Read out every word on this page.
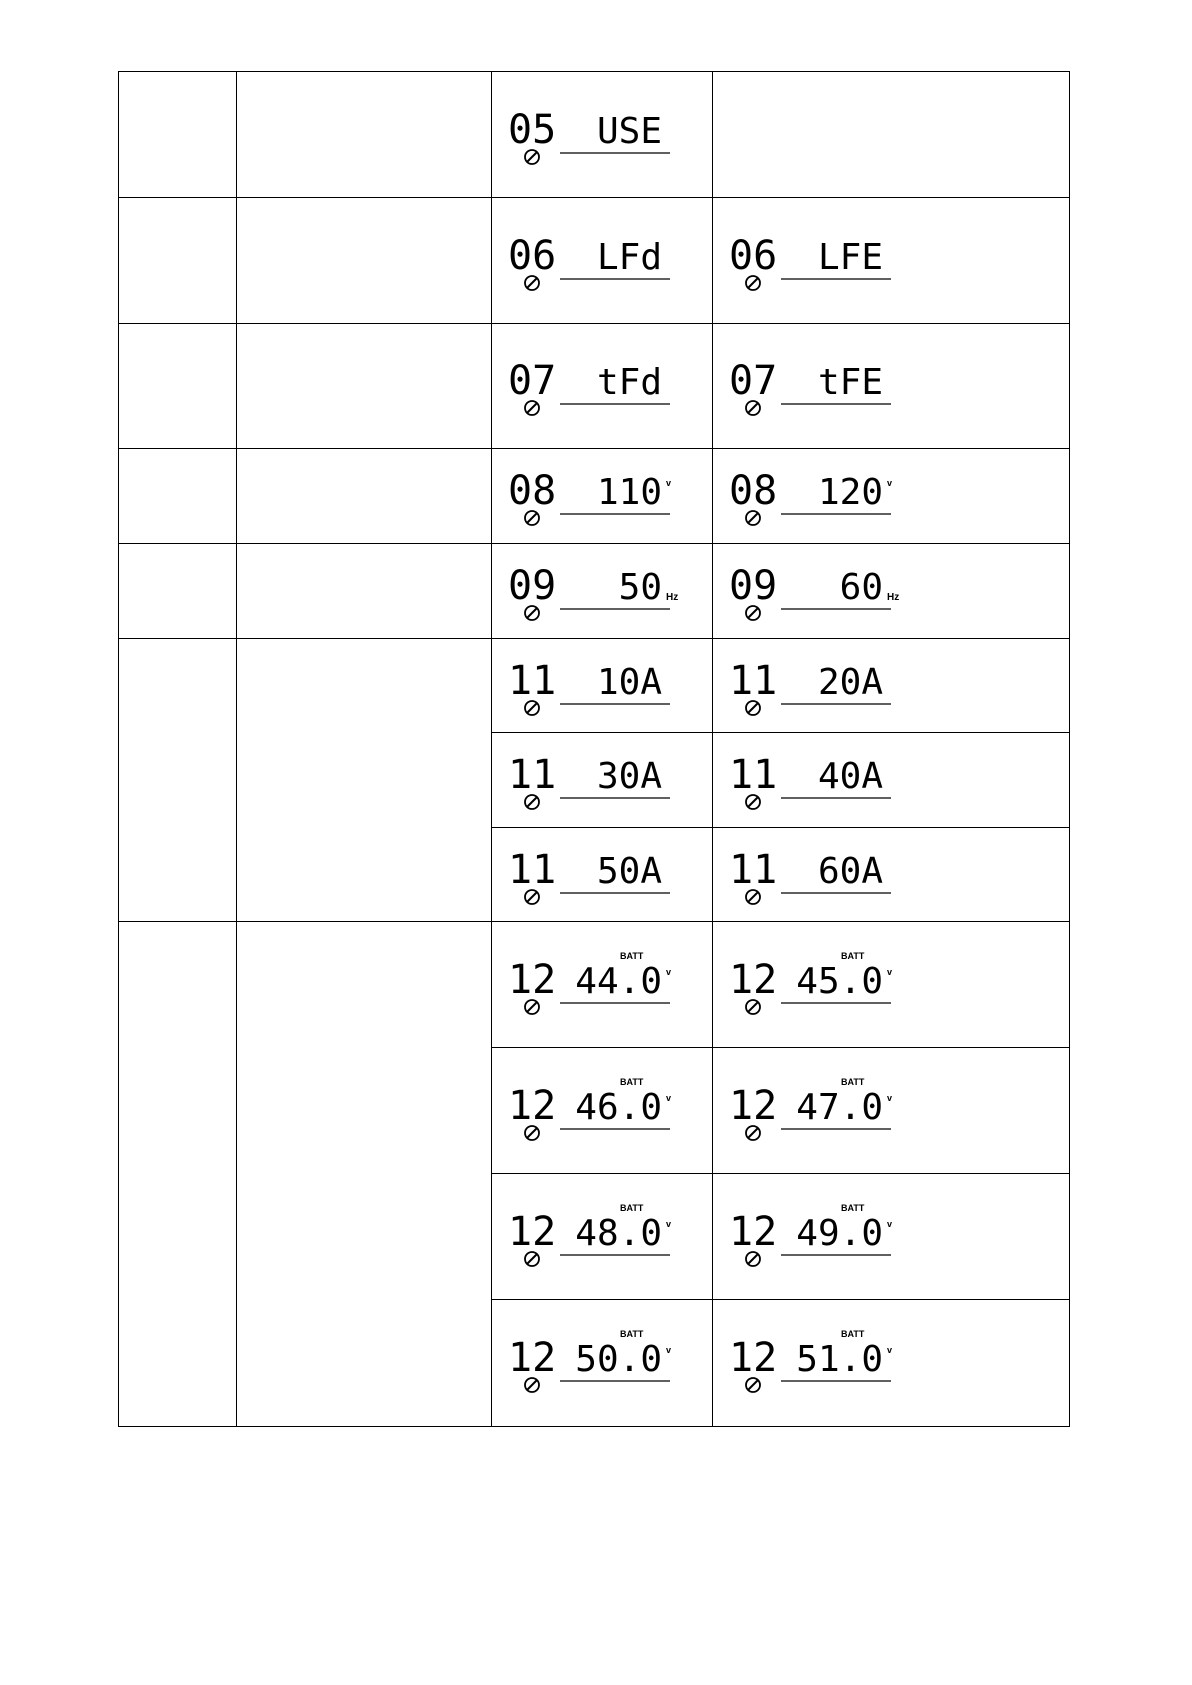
05 USE	

06 LFd	06 LFE

07 tFd	07 tFE

08 110 v	08 120 v

09 50 Hz	09 60 Hz

11 10A	11 20A

11 30A	11 40A

11 50A	11 60A

12
BATT
44.0 v	12
BATT
45.0 v

12
BATT
46.0 v	12
BATT
47.0 v

12
BATT
48.0 v	12
BATT
49.0 v

12
BATT
50.0 v	12
BATT
51.0 v
